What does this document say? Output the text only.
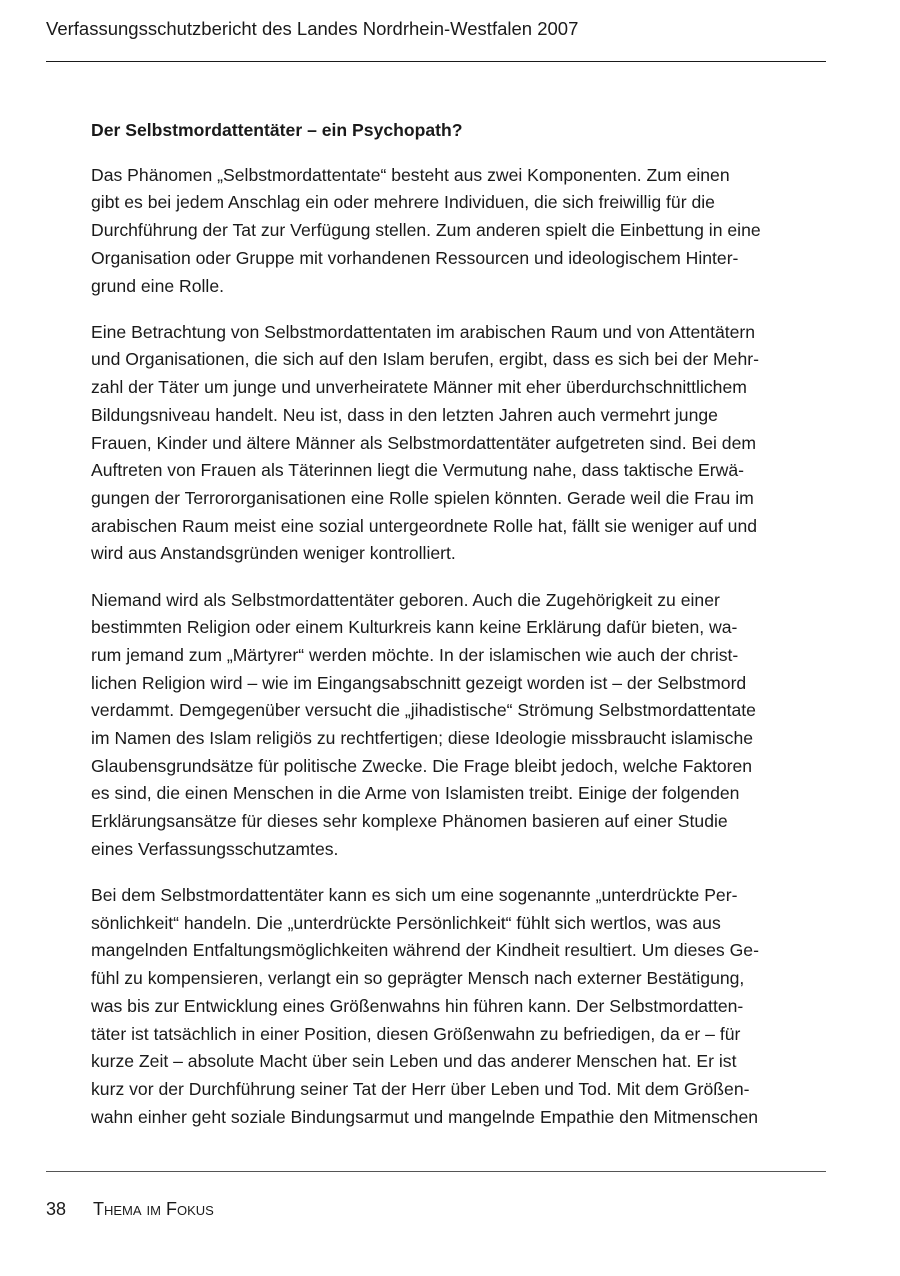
Verfassungsschutzbericht des Landes Nordrhein-Westfalen 2007
Der Selbstmordattentäter – ein Psychopath?
Das Phänomen „Selbstmordattentate“ besteht aus zwei Komponenten. Zum einen
gibt es bei jedem Anschlag ein oder mehrere Individuen, die sich freiwillig für die
Durchführung der Tat zur Verfügung stellen. Zum anderen spielt die Einbettung in eine
Organisation oder Gruppe mit vorhandenen Ressourcen und ideologischem Hinter-
grund eine Rolle.
Eine Betrachtung von Selbstmordattentaten im arabischen Raum und von Attentätern
und Organisationen, die sich auf den Islam berufen, ergibt, dass es sich bei der Mehr-
zahl der Täter um junge und unverheiratete Männer mit eher überdurchschnittlichem
Bildungsniveau handelt. Neu ist, dass in den letzten Jahren auch vermehrt junge
Frauen, Kinder und ältere Männer als Selbstmordattentäter aufgetreten sind. Bei dem
Auftreten von Frauen als Täterinnen liegt die Vermutung nahe, dass taktische Erwä-
gungen der Terrororganisationen eine Rolle spielen könnten. Gerade weil die Frau im
arabischen Raum meist eine sozial untergeordnete Rolle hat, fällt sie weniger auf und
wird aus Anstandsgründen weniger kontrolliert.
Niemand wird als Selbstmordattentäter geboren. Auch die Zugehörigkeit zu einer
bestimmten Religion oder einem Kulturkreis kann keine Erklärung dafür bieten, wa-
rum jemand zum „Märtyrer“ werden möchte. In der islamischen wie auch der christ-
lichen Religion wird – wie im Eingangsabschnitt gezeigt worden ist – der Selbstmord
verdammt. Demgegenüber versucht die „jihadistische“ Strömung Selbstmordattentate
im Namen des Islam religiös zu rechtfertigen; diese Ideologie missbraucht islamische
Glaubensgrundsätze für politische Zwecke. Die Frage bleibt jedoch, welche Faktoren
es sind, die einen Menschen in die Arme von Islamisten treibt. Einige der folgenden
Erklärungsansätze für dieses sehr komplexe Phänomen basieren auf einer Studie
eines Verfassungsschutzamtes.
Bei dem Selbstmordattentäter kann es sich um eine sogenannte „unterdrückte Per-
sönlichkeit“ handeln. Die „unterdrückte Persönlichkeit“ fühlt sich wertlos, was aus
mangelnden Entfaltungsmöglichkeiten während der Kindheit resultiert. Um dieses Ge-
fühl zu kompensieren, verlangt ein so geprägter Mensch nach externer Bestätigung,
was bis zur Entwicklung eines Größenwahns hin führen kann. Der Selbstmordatten-
täter ist tatsächlich in einer Position, diesen Größenwahn zu befriedigen, da er – für
kurze Zeit – absolute Macht über sein Leben und das anderer Menschen hat. Er ist
kurz vor der Durchführung seiner Tat der Herr über Leben und Tod. Mit dem Größen-
wahn einher geht soziale Bindungsarmut und mangelnde Empathie den Mitmenschen
38 Thema im Fokus
